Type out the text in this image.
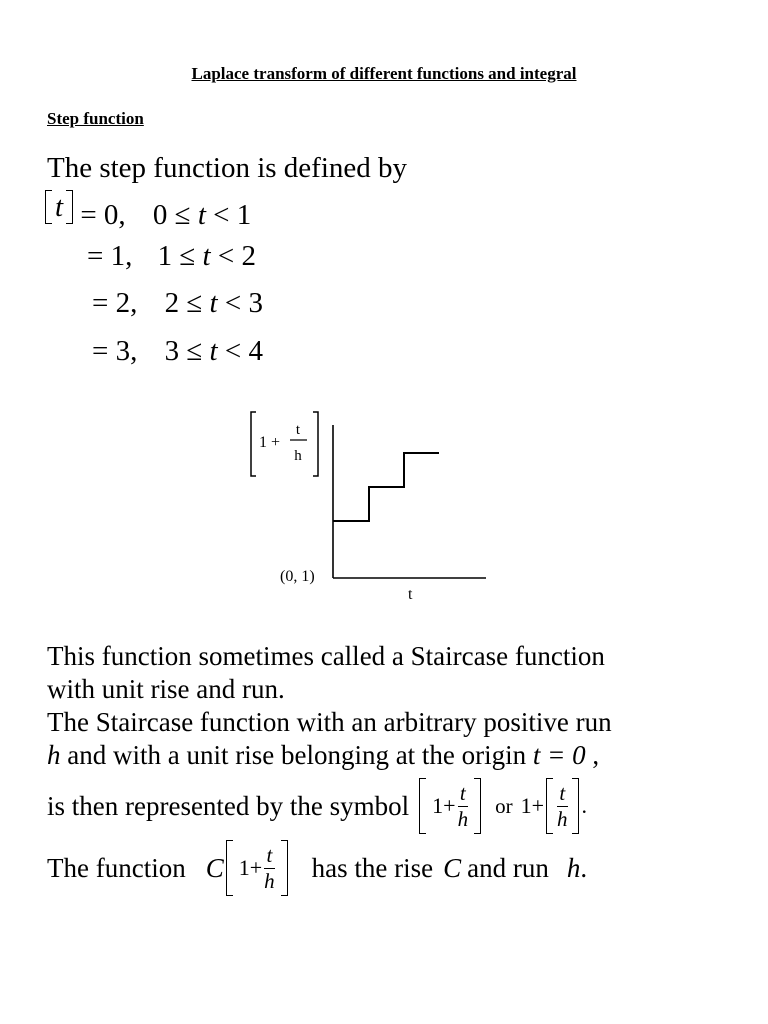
Laplace transform of different functions and integral
Step function
The step function is defined by
t = 0, 0 ≤ t < 1
= 1, 1 ≤ t < 2
= 2, 2 ≤ t < 3
= 3, 3 ≤ t < 4
1 +
t
h
(0, 1)
t
This function sometimes called a Staircase function
with unit rise and run.
The Staircase function with an arbitrary positive run
h and with a unit rise belonging at the origin t = 0 ,
is then represented by the symbol $1+ \frac{t}{h}$ or $1+ \frac{t}{h}$ .
The function C $1+ \frac{t}{h}$ has the rise C and run h .
